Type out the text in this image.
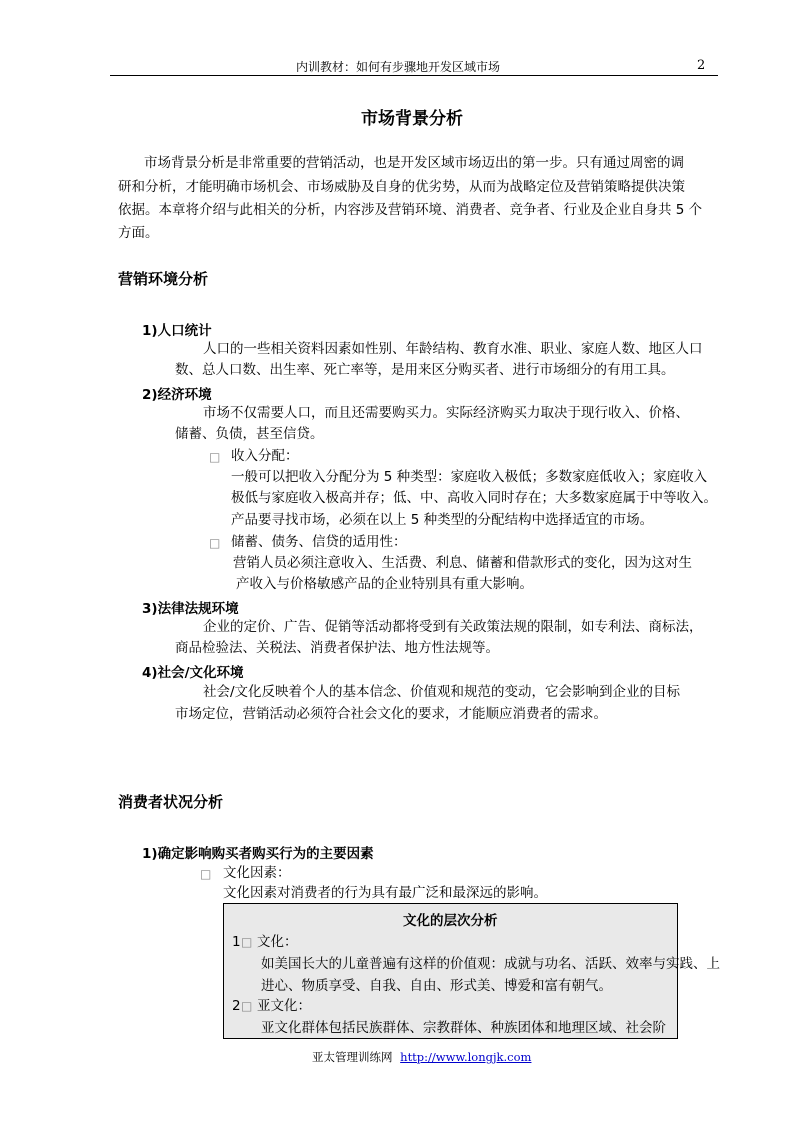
内训教材：如何有步骤地开发区域市场	2
市场背景分析
市场背景分析是非常重要的营销活动，也是开发区域市场迈出的第一步。只有通过周密的调
研和分析，才能明确市场机会、市场威胁及自身的优劣势，从而为战略定位及营销策略提供决策
依据。本章将介绍与此相关的分析，内容涉及营销环境、消费者、竞争者、行业及企业自身共 5 个
方面。
营销环境分析
1)人口统计
人口的一些相关资料因素如性别、年龄结构、教育水准、职业、家庭人数、地区人口
数、总人口数、出生率、死亡率等，是用来区分购买者、进行市场细分的有用工具。
2)经济环境
市场不仅需要人口，而且还需要购买力。实际经济购买力取决于现行收入、价格、
储蓄、负债，甚至信贷。
□ 收入分配：
一般可以把收入分配分为 5 种类型：家庭收入极低；多数家庭低收入；家庭收入
极低与家庭收入极高并存；低、中、高收入同时存在；大多数家庭属于中等收入。
产品要寻找市场，必须在以上 5 种类型的分配结构中选择适宜的市场。
□ 储蓄、债务、信贷的适用性：
营销人员必须注意收入、生活费、利息、储蓄和借款形式的变化，因为这对生
产收入与价格敏感产品的企业特别具有重大影响。
3)法律法规环境
企业的定价、广告、促销等活动都将受到有关政策法规的限制，如专利法、商标法，
商品检验法、关税法、消费者保护法、地方性法规等。
4)社会/文化环境
社会/文化反映着个人的基本信念、价值观和规范的变动，它会影响到企业的目标
市场定位，营销活动必须符合社会文化的要求，才能顺应消费者的需求。
消费者状况分析
1)确定影响购买者购买行为的主要因素
□ 文化因素：
文化因素对消费者的行为具有最广泛和最深远的影响。
文化的层次分析
1 □ 文化：
如美国长大的儿童普遍有这样的价值观：成就与功名、活跃、效率与实践、上
进心、物质享受、自我、自由、形式美、博爱和富有朝气。
2 □ 亚文化：
亚文化群体包括民族群体、宗教群体、种族团体和地理区域、社会阶
亚太管理训练网 http://www.longjk.com
